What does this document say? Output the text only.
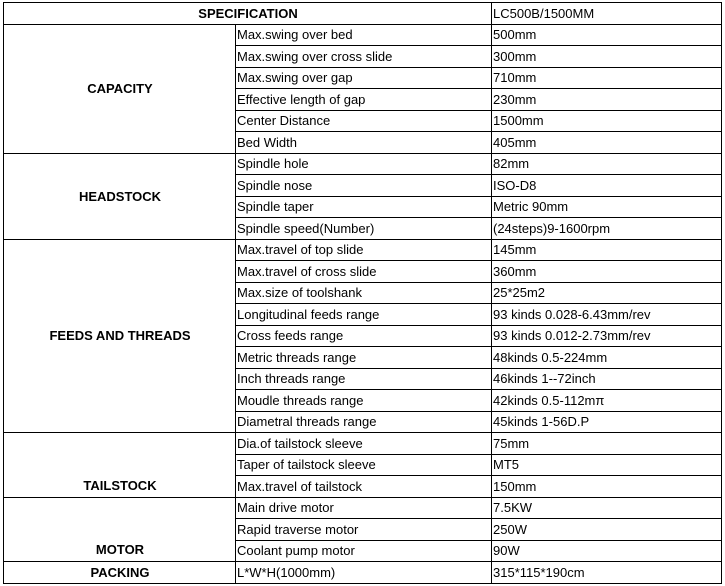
SPECIFICATION		LC500B/1500MM
CAPACITY	Max.swing over bed	500mm
	Max.swing over cross slide	300mm
	Max.swing over gap	710mm
	Effective length of gap	230mm
	Center Distance	1500mm
	Bed Width	405mm
HEADSTOCK	Spindle hole	82mm
	Spindle nose	ISO-D8
	Spindle taper	Metric 90mm
	Spindle speed(Number)	(24steps)9-1600rpm
FEEDS AND THREADS	Max.travel of top slide	145mm
	Max.travel of cross slide	360mm
	Max.size of toolshank	25*25m2
	Longitudinal feeds range	93 kinds 0.028-6.43mm/rev
	Cross feeds range	93 kinds 0.012-2.73mm/rev
	Metric threads range	48kinds 0.5-224mm
	Inch threads range	46kinds 1--72inch
	Moudle threads range	42kinds 0.5-112mπ
	Diametral threads range	45kinds 1-56D.P
TAILSTOCK	Dia.of tailstock sleeve	75mm
	Taper of tailstock sleeve	MT5
	Max.travel of tailstock	150mm
MOTOR	Main drive motor	7.5KW
	Rapid traverse motor	250W
	Coolant pump motor	90W
PACKING	L*W*H(1000mm)	315*115*190cm
